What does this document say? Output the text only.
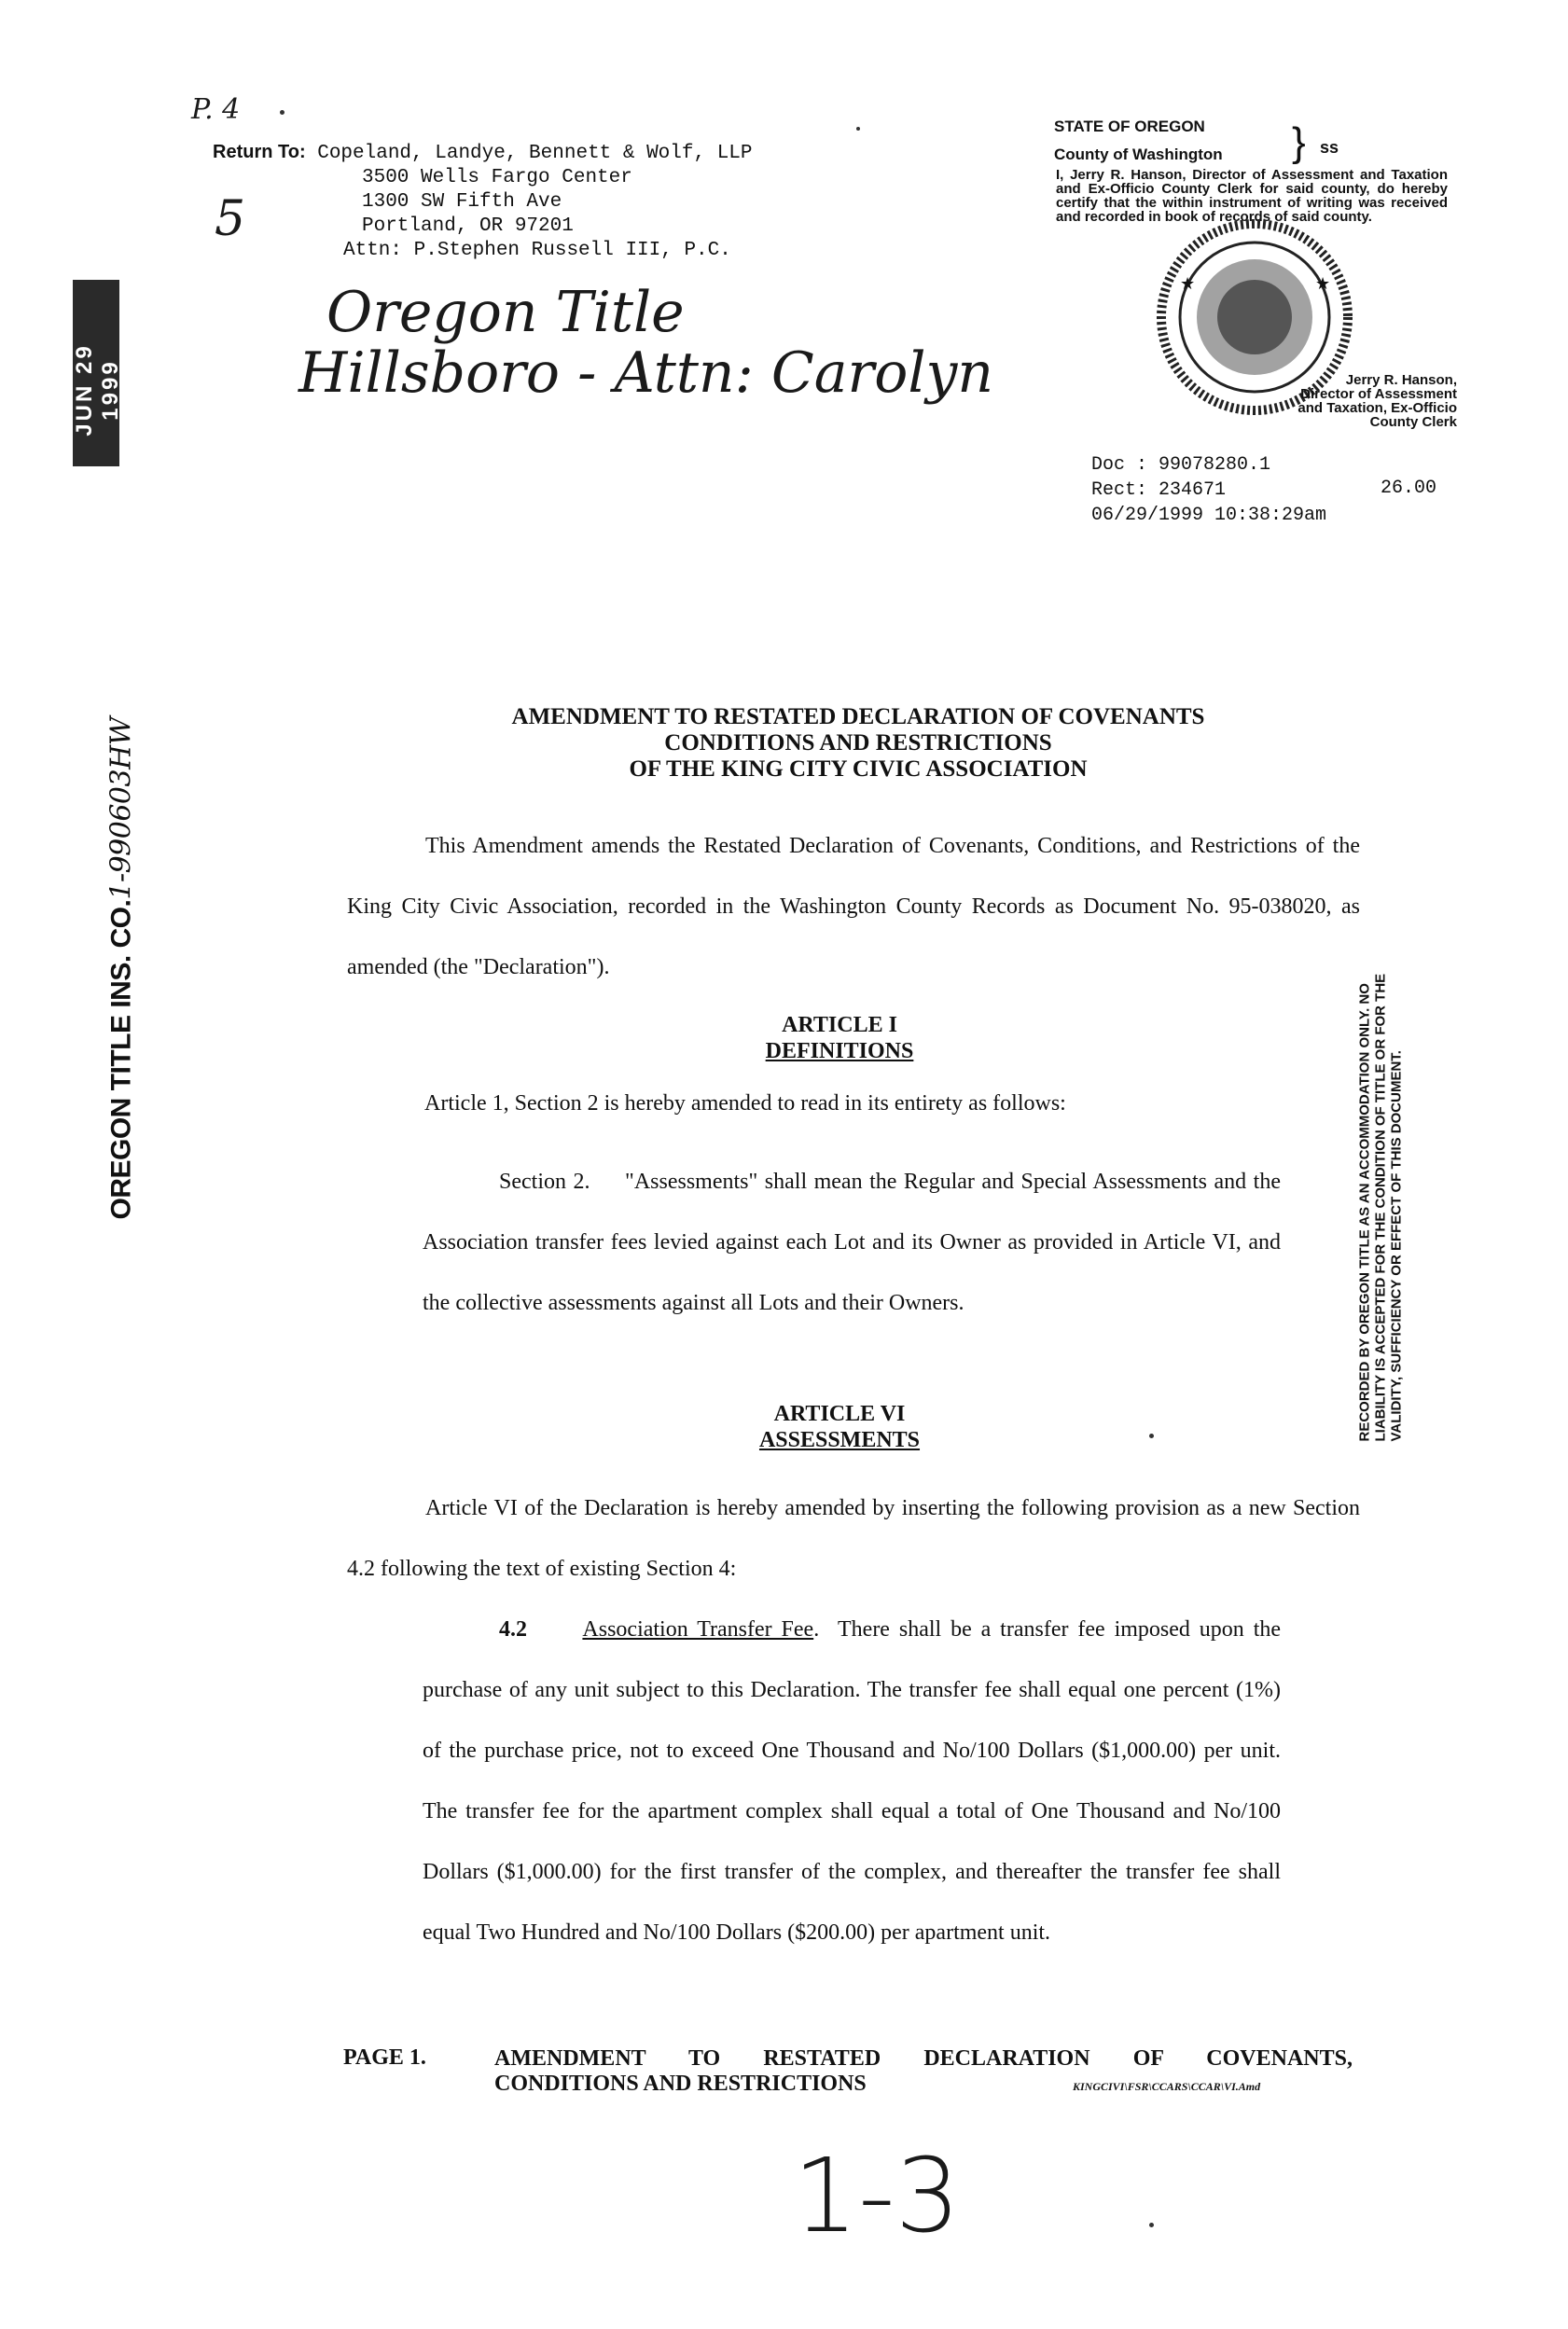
P. 4
5
Oregon Title
Hillsboro - Attn: Carolyn
JUN 29 1999
Return To: Copeland, Landye, Bennett & Wolf, LLP
3500 Wells Fargo Center
1300 SW Fifth Ave
Portland, OR 97201
Attn: P.Stephen Russell III, P.C.
STATE OF OREGON
County of Washington } ss
I, Jerry R. Hanson, Director of Assessment and Taxation and Ex-Officio County Clerk for said county, do hereby certify that the within instrument of writing was received and recorded in book of records of said county.
★	★
Jerry R. Hanson, Director of Assessment and Taxation, Ex-Officio County Clerk
Doc : 99078280.1
Rect: 234671
06/29/1999 10:38:29am
26.00
OREGON TITLE INS. CO.1-990603HW
RECORDED BY OREGON TITLE AS AN ACCOMMODATION ONLY. NO LIABILITY IS ACCEPTED FOR THE CONDITION OF TITLE OR FOR THE VALIDITY, SUFFICIENCY OR EFFECT OF THIS DOCUMENT.
AMENDMENT TO RESTATED DECLARATION OF COVENANTS
CONDITIONS AND RESTRICTIONS
OF THE KING CITY CIVIC ASSOCIATION
This Amendment amends the Restated Declaration of Covenants, Conditions, and Restrictions of the King City Civic Association, recorded in the Washington County Records as Document No. 95-038020, as amended (the "Declaration").
ARTICLE I
DEFINITIONS
Article 1, Section 2 is hereby amended to read in its entirety as follows:
Section 2. "Assessments" shall mean the Regular and Special Assessments and the Association transfer fees levied against each Lot and its Owner as provided in Article VI, and the collective assessments against all Lots and their Owners.
ARTICLE VI
ASSESSMENTS
Article VI of the Declaration is hereby amended by inserting the following provision as a new Section 4.2 following the text of existing Section 4:
4.2 Association Transfer Fee.  There shall be a transfer fee imposed upon the purchase of any unit subject to this Declaration. The transfer fee shall equal one percent (1%) of the purchase price, not to exceed One Thousand and No/100 Dollars ($1,000.00) per unit. The transfer fee for the apartment complex shall equal a total of One Thousand and No/100 Dollars ($1,000.00) for the first transfer of the complex, and thereafter the transfer fee shall equal Two Hundred and No/100 Dollars ($200.00) per apartment unit.
PAGE 1.	AMENDMENT TO RESTATED DECLARATION OF COVENANTS,
CONDITIONS AND RESTRICTIONS	KINGCIVI\FSR\CCARS\CCAR\VI.Amd
1-3
